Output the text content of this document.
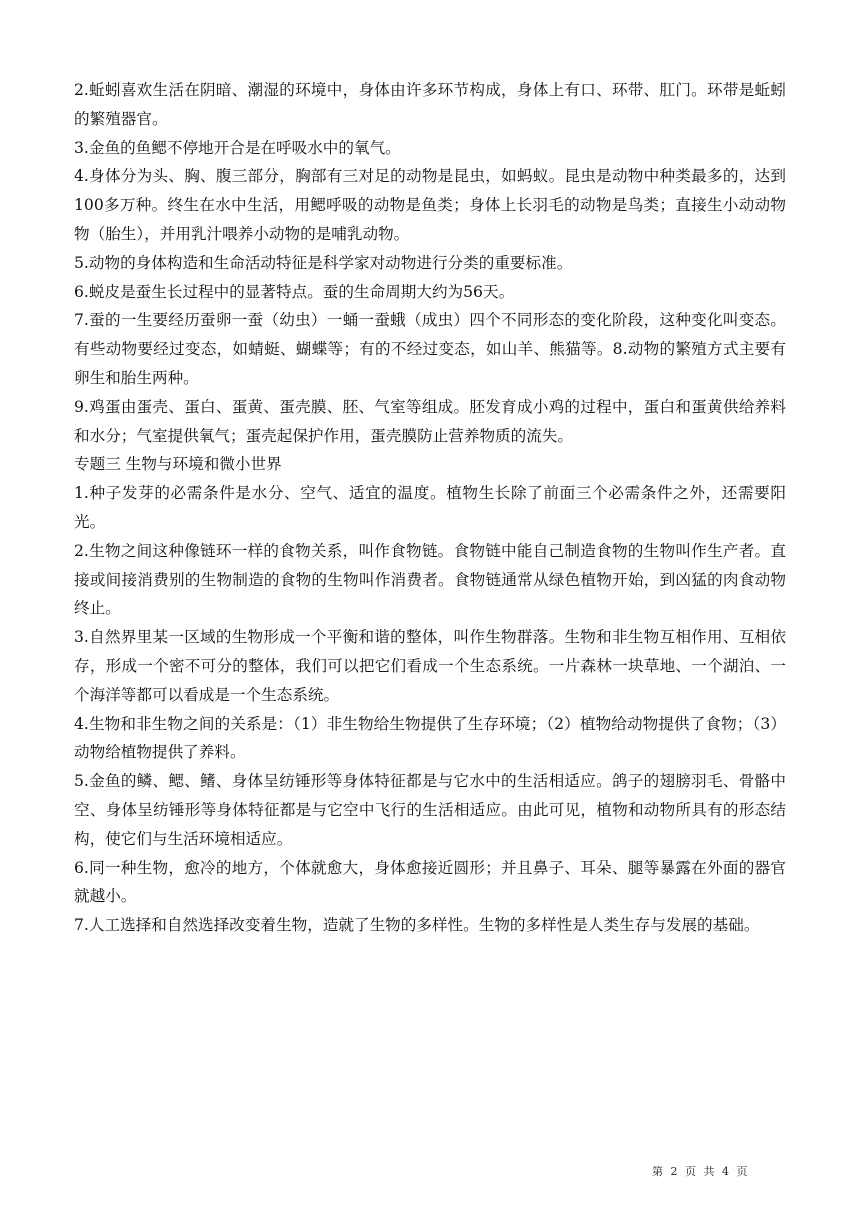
2.蚯蚓喜欢生活在阴暗、潮湿的环境中，身体由许多环节构成，身体上有口、环带、肛门。环带是蚯蚓的繁殖器官。

3.金鱼的鱼鳃不停地开合是在呼吸水中的氧气。

4.身体分为头、胸、腹三部分，胸部有三对足的动物是昆虫，如蚂蚁。昆虫是动物中种类最多的，达到100多万种。终生在水中生活，用鳃呼吸的动物是鱼类；身体上长羽毛的动物是鸟类；直接生小动动物物（胎生），并用乳汁喂养小动物的是哺乳动物。

5.动物的身体构造和生命活动特征是科学家对动物进行分类的重要标准。

6.蜕皮是蚕生长过程中的显著特点。蚕的生命周期大约为56天。

7.蚕的一生要经历蚕卵一蚕（幼虫）一蛹一蚕蛾（成虫）四个不同形态的变化阶段，这种变化叫变态。有些动物要经过变态，如蜻蜓、蝴蝶等；有的不经过变态，如山羊、熊猫等。8.动物的繁殖方式主要有卵生和胎生两种。

9.鸡蛋由蛋壳、蛋白、蛋黄、蛋壳膜、胚、气室等组成。胚发育成小鸡的过程中，蛋白和蛋黄供给养料和水分；气室提供氧气；蛋壳起保护作用，蛋壳膜防止营养物质的流失。

专题三 生物与环境和微小世界

1.种子发芽的必需条件是水分、空气、适宜的温度。植物生长除了前面三个必需条件之外，还需要阳光。

2.生物之间这种像链环一样的食物关系，叫作食物链。食物链中能自己制造食物的生物叫作生产者。直接或间接消费别的生物制造的食物的生物叫作消费者。食物链通常从绿色植物开始，到凶猛的肉食动物终止。

3.自然界里某一区域的生物形成一个平衡和谐的整体，叫作生物群落。生物和非生物互相作用、互相依存，形成一个密不可分的整体，我们可以把它们看成一个生态系统。一片森林一块草地、一个湖泊、一个海洋等都可以看成是一个生态系统。

4.生物和非生物之间的关系是：（1）非生物给生物提供了生存环境；（2）植物给动物提供了食物；（3）动物给植物提供了养料。

5.金鱼的鳞、鳃、鳍、身体呈纺锤形等身体特征都是与它水中的生活相适应。鸽子的翅膀羽毛、骨骼中空、身体呈纺锤形等身体特征都是与它空中飞行的生活相适应。由此可见，植物和动物所具有的形态结构，使它们与生活环境相适应。

6.同一种生物，愈冷的地方，个体就愈大，身体愈接近圆形；并且鼻子、耳朵、腿等暴露在外面的器官就越小。

7.人工选择和自然选择改变着生物，造就了生物的多样性。生物的多样性是人类生存与发展的基础。

第 2 页 共 4 页
